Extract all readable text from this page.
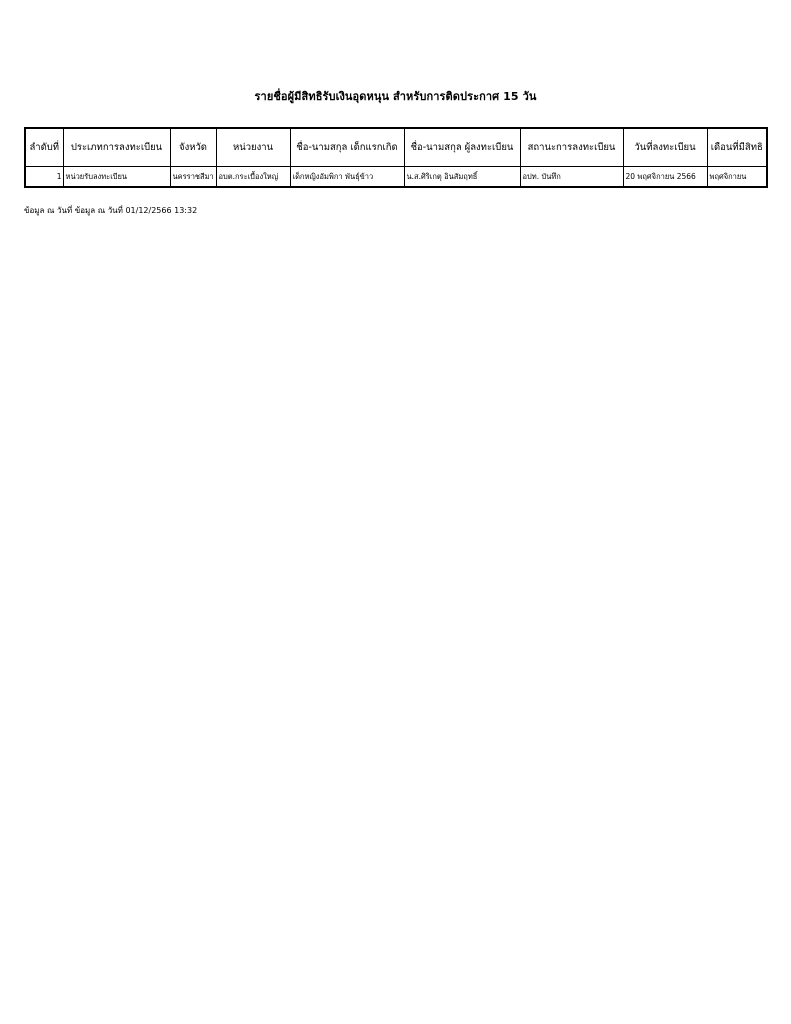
รายชื่อผู้มีสิทธิรับเงินอุดหนุน สำหรับการติดประกาศ 15 วัน
ลำดับที่	ประเภทการลงทะเบียน	จังหวัด	หน่วยงาน	ชื่อ-นามสกุล เด็กแรกเกิด	ชื่อ-นามสกุล ผู้ลงทะเบียน	สถานะการลงทะเบียน	วันที่ลงทะเบียน	เดือนที่มีสิทธิ
1	หน่วยรับลงทะเบียน	นครราชสีมา	อบต.กระเบื้องใหญ่	เด็กหญิงอัมพิกา พันธุ์ข้าว	น.ส.ศิริเกตุ อินสัมฤทธิ์	อปท. บันทึก	20 พฤศจิกายน 2566	พฤศจิกายน
ข้อมูล ณ วันที่ ข้อมูล ณ วันที่ 01/12/2566 13:32
